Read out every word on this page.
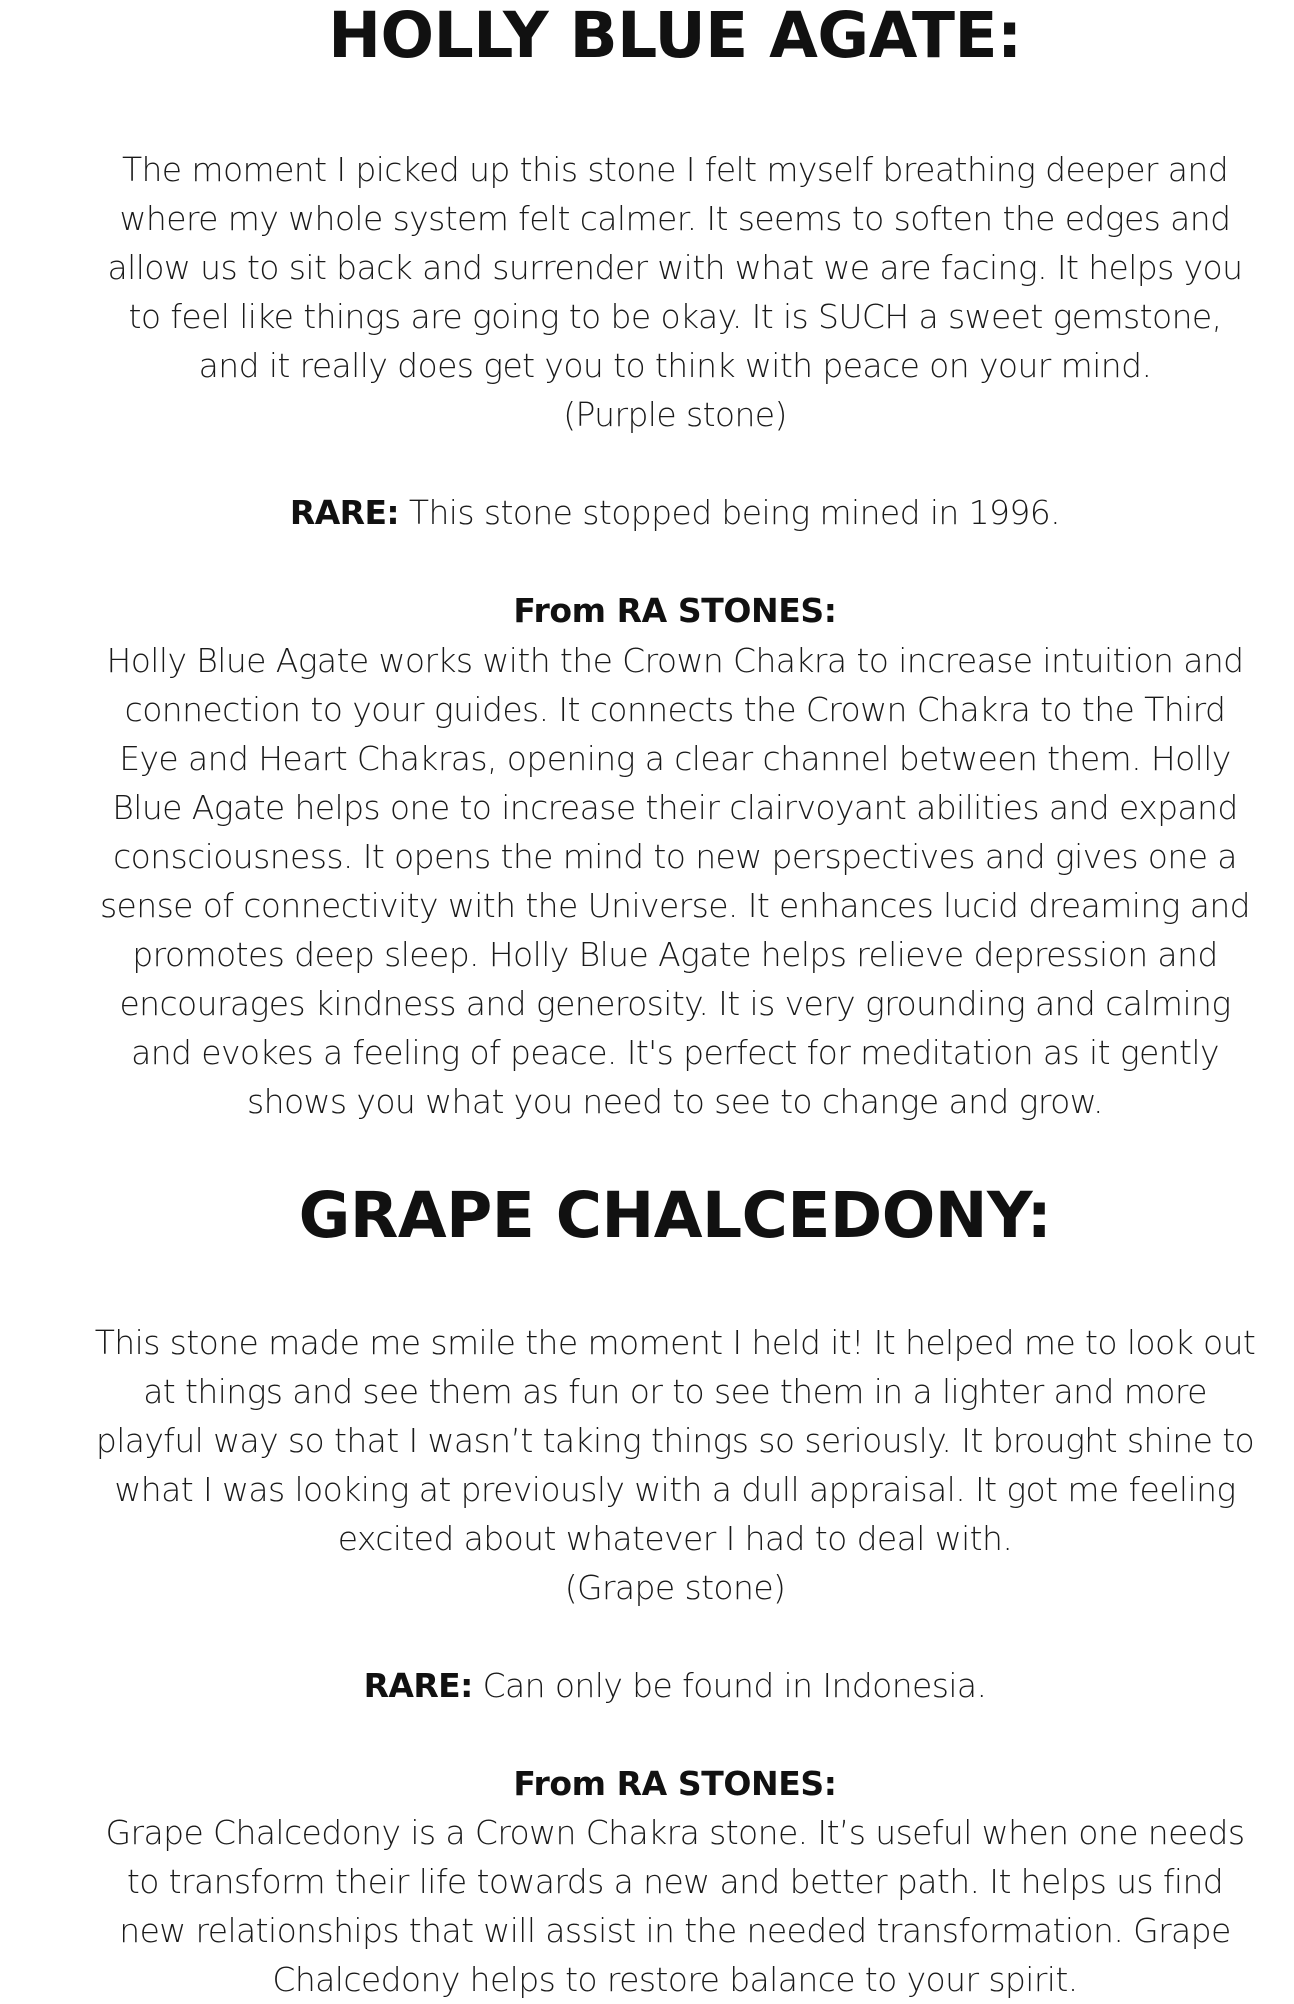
HOLLY BLUE AGATE:

The moment I picked up this stone I felt myself breathing deeper and
where my whole system felt calmer. It seems to soften the edges and
allow us to sit back and surrender with what we are facing. It helps you
to feel like things are going to be okay. It is SUCH a sweet gemstone,
and it really does get you to think with peace on your mind.
(Purple stone)

RARE: This stone stopped being mined in 1996.

From RA STONES:

Holly Blue Agate works with the Crown Chakra to increase intuition and
connection to your guides. It connects the Crown Chakra to the Third
Eye and Heart Chakras, opening a clear channel between them. Holly
Blue Agate helps one to increase their clairvoyant abilities and expand
consciousness. It opens the mind to new perspectives and gives one a
sense of connectivity with the Universe. It enhances lucid dreaming and
promotes deep sleep. Holly Blue Agate helps relieve depression and
encourages kindness and generosity. It is very grounding and calming
and evokes a feeling of peace. It's perfect for meditation as it gently
shows you what you need to see to change and grow.

GRAPE CHALCEDONY:

This stone made me smile the moment I held it! It helped me to look out
at things and see them as fun or to see them in a lighter and more
playful way so that I wasn’t taking things so seriously. It brought shine to
what I was looking at previously with a dull appraisal. It got me feeling
excited about whatever I had to deal with.
(Grape stone)

RARE: Can only be found in Indonesia.

From RA STONES:

Grape Chalcedony is a Crown Chakra stone. It’s useful when one needs
to transform their life towards a new and better path. It helps us find
new relationships that will assist in the needed transformation. Grape
Chalcedony helps to restore balance to your spirit.
